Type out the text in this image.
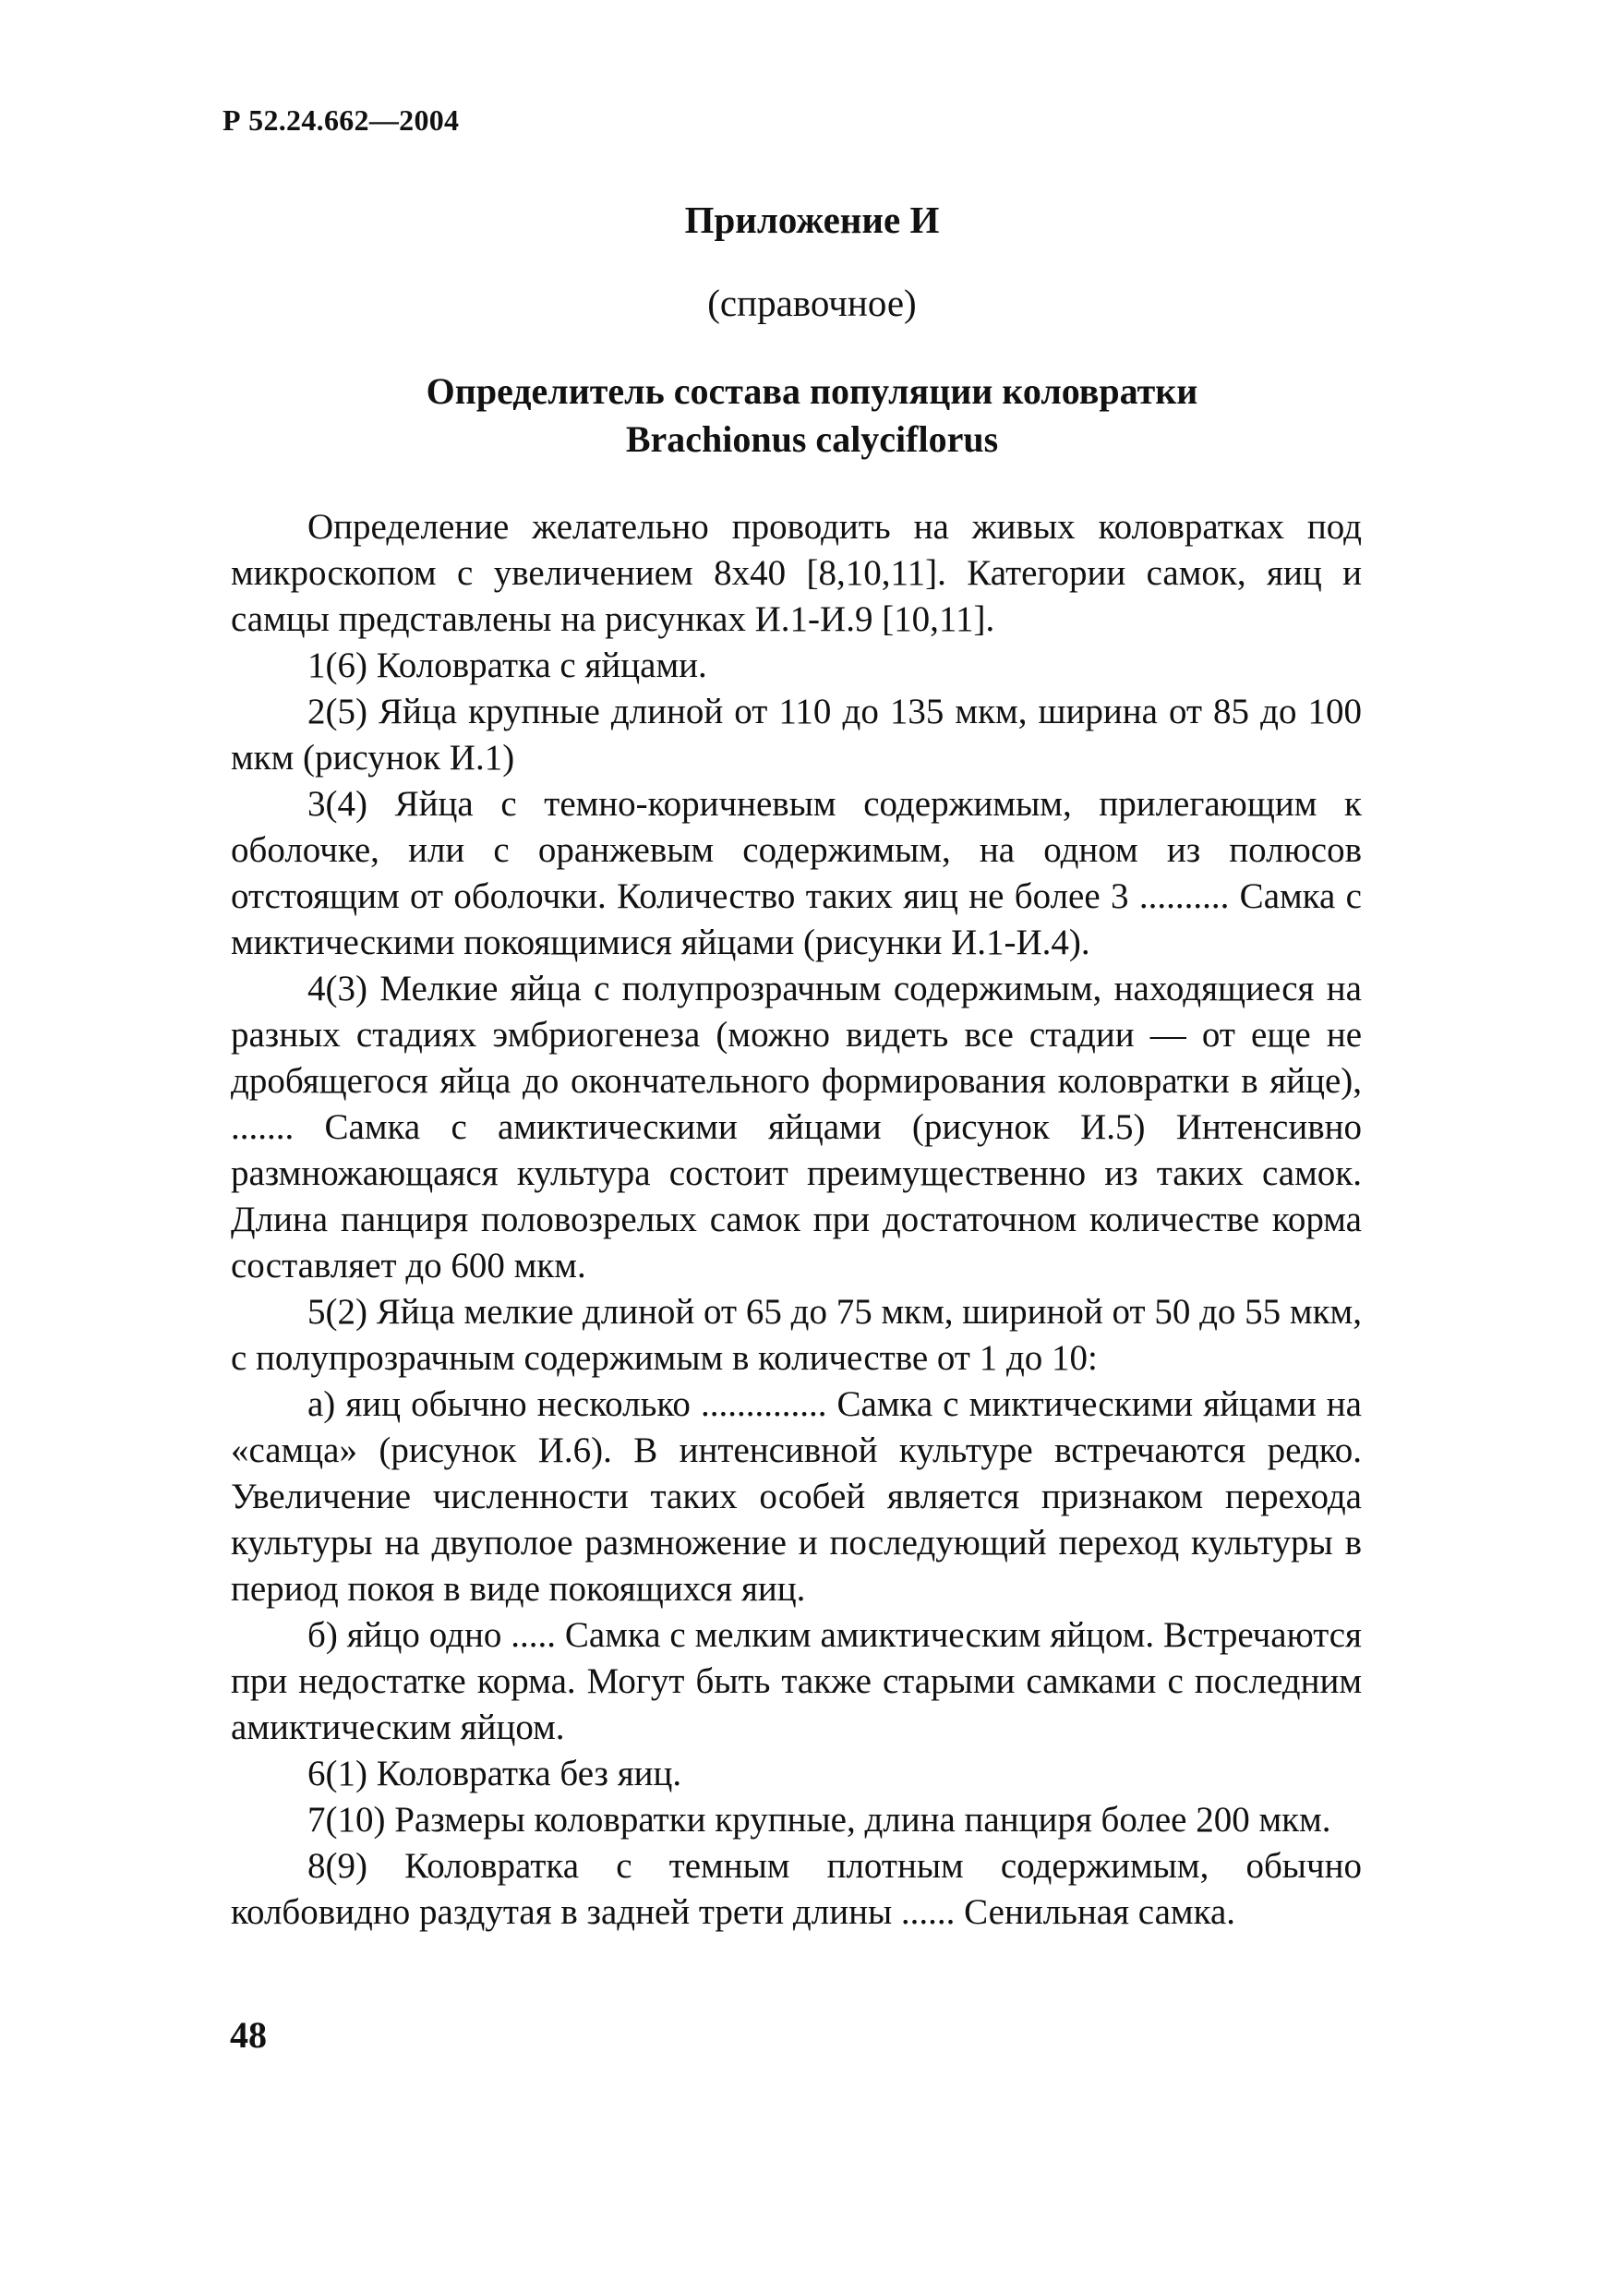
Р 52.24.662—2004
Приложение И
(справочное)
Определитель состава популяции коловратки
Brachionus calyciflorus

Определение желательно проводить на живых коловратках под микроскопом с увеличением 8x40 [8,10,11]. Категории самок, яиц и самцы представлены на рисунках И.1-И.9 [10,11].

1(6) Коловратка с яйцами.

2(5) Яйца крупные длиной от 110 до 135 мкм, ширина от 85 до 100 мкм (рисунок И.1)

3(4) Яйца с темно-коричневым содержимым, прилегающим к оболочке, или с оранжевым содержимым, на одном из полюсов отстоящим от оболочки. Количество таких яиц не более 3 .......... Самка с миктическими покоящимися яйцами (рисунки И.1-И.4).

4(3) Мелкие яйца с полупрозрачным содержимым, находящиеся на разных стадиях эмбриогенеза (можно видеть все стадии — от еще не дробящегося яйца до окончательного формирования коловратки в яйце), ....... Самка с амиктическими яйцами (рисунок И.5) Интенсивно размножающаяся культура состоит преимущественно из таких самок. Длина панциря половозрелых самок при достаточном количестве корма составляет до 600 мкм.

5(2) Яйца мелкие длиной от 65 до 75 мкм, шириной от 50 до 55 мкм, с полупрозрачным содержимым в количестве от 1 до 10:

а) яиц обычно несколько .............. Самка с миктическими яйцами на «самца» (рисунок И.6). В интенсивной культуре встречаются редко. Увеличение численности таких особей является признаком перехода культуры на двуполое размножение и последующий переход культуры в период покоя в виде покоящихся яиц.

б) яйцо одно ..... Самка с мелким амиктическим яйцом. Встречаются при недостатке корма. Могут быть также старыми самками с последним амиктическим яйцом.

6(1) Коловратка без яиц.

7(10) Размеры коловратки крупные, длина панциря более 200 мкм.

8(9) Коловратка с темным плотным содержимым, обычно колбовидно раздутая в задней трети длины ...... Сенильная самка.

48
